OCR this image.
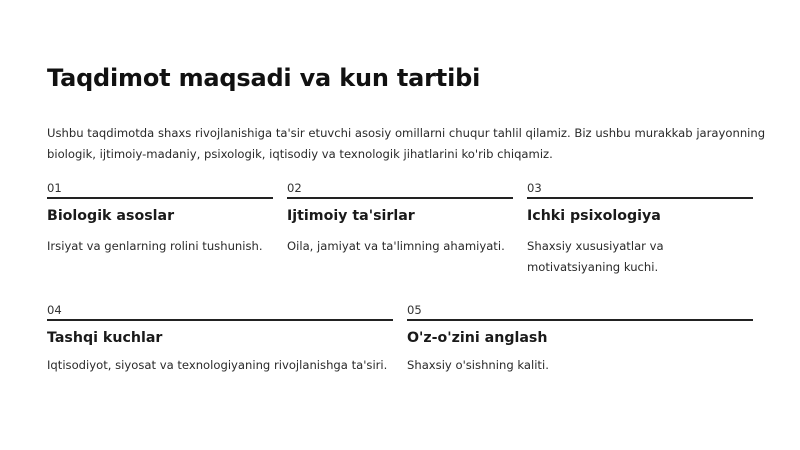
Taqdimot maqsadi va kun tartibi

Ushbu taqdimotda shaxs rivojlanishiga ta'sir etuvchi asosiy omillarni chuqur tahlil qilamiz. Biz ushbu murakkab jarayonning biologik, ijtimoiy-madaniy, psixologik, iqtisodiy va texnologik jihatlarini ko'rib chiqamiz.

01
Biologik asoslar
Irsiyat va genlarning rolini tushunish.
02
Ijtimoiy ta'sirlar
Oila, jamiyat va ta'limning ahamiyati.
03
Ichki psixologiya
Shaxsiy xususiyatlar va motivatsiyaning kuchi.
04
Tashqi kuchlar
Iqtisodiyot, siyosat va texnologiyaning rivojlanishga ta'siri.
05
O'z-o'zini anglash
Shaxsiy o'sishning kaliti.
